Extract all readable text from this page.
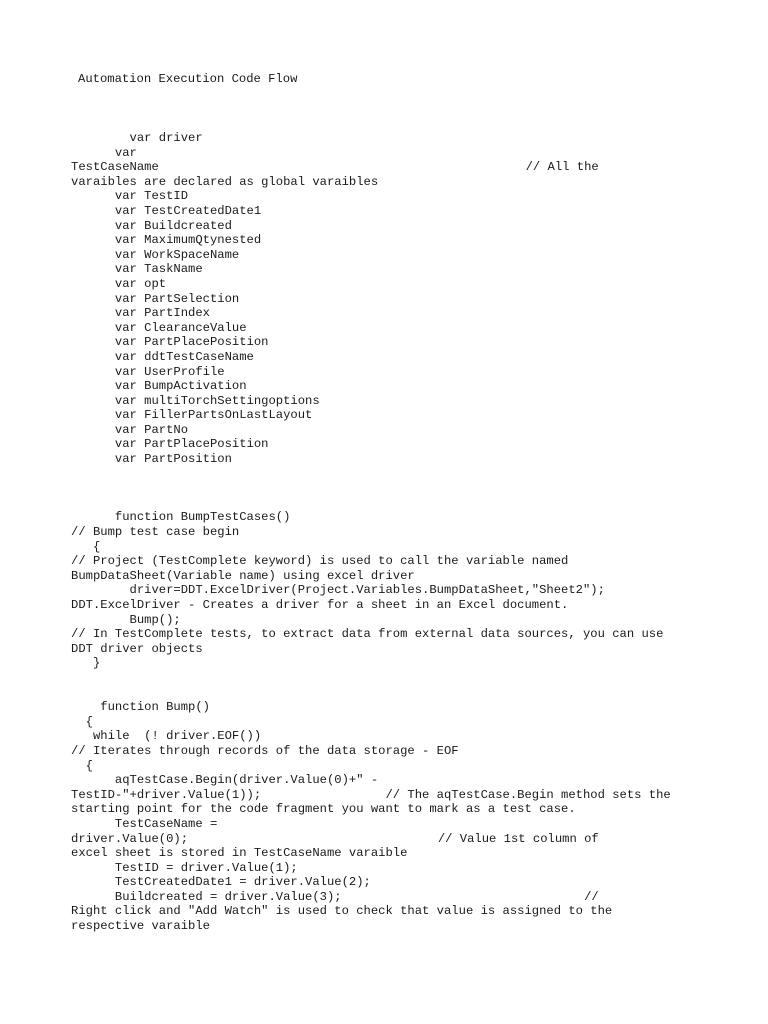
Automation Execution Code Flow
var driver
var
TestCaseName	// All the
varaibles are declared as global varaibles
var TestID
var TestCreatedDate1
var Buildcreated
var MaximumQtynested
var WorkSpaceName
var TaskName
var opt
var PartSelection
var PartIndex
var ClearanceValue
var PartPlacePosition
var ddtTestCaseName
var UserProfile
var BumpActivation
var multiTorchSettingoptions
var FillerPartsOnLastLayout
var PartNo
var PartPlacePosition
var PartPosition
function BumpTestCases()
// Bump test case begin
{
// Project (TestComplete keyword) is used to call the variable named
BumpDataSheet(Variable name) using excel driver
driver=DDT.ExcelDriver(Project.Variables.BumpDataSheet,"Sheet2");
DDT.ExcelDriver - Creates a driver for a sheet in an Excel document.
Bump();
// In TestComplete tests, to extract data from external data sources, you can use
DDT driver objects
}
function Bump()
{
while  (! driver.EOF())
// Iterates through records of the data storage - EOF
{
aqTestCase.Begin(driver.Value(0)+" -
TestID-"+driver.Value(1));                 // The aqTestCase.Begin method sets the
starting point for the code fragment you want to mark as a test case.
TestCaseName =
driver.Value(0);	// Value 1st column of
excel sheet is stored in TestCaseName varaible
TestID = driver.Value(1);
TestCreatedDate1 = driver.Value(2);
Buildcreated = driver.Value(3);	//
Right click and "Add Watch" is used to check that value is assigned to the
respective varaible
